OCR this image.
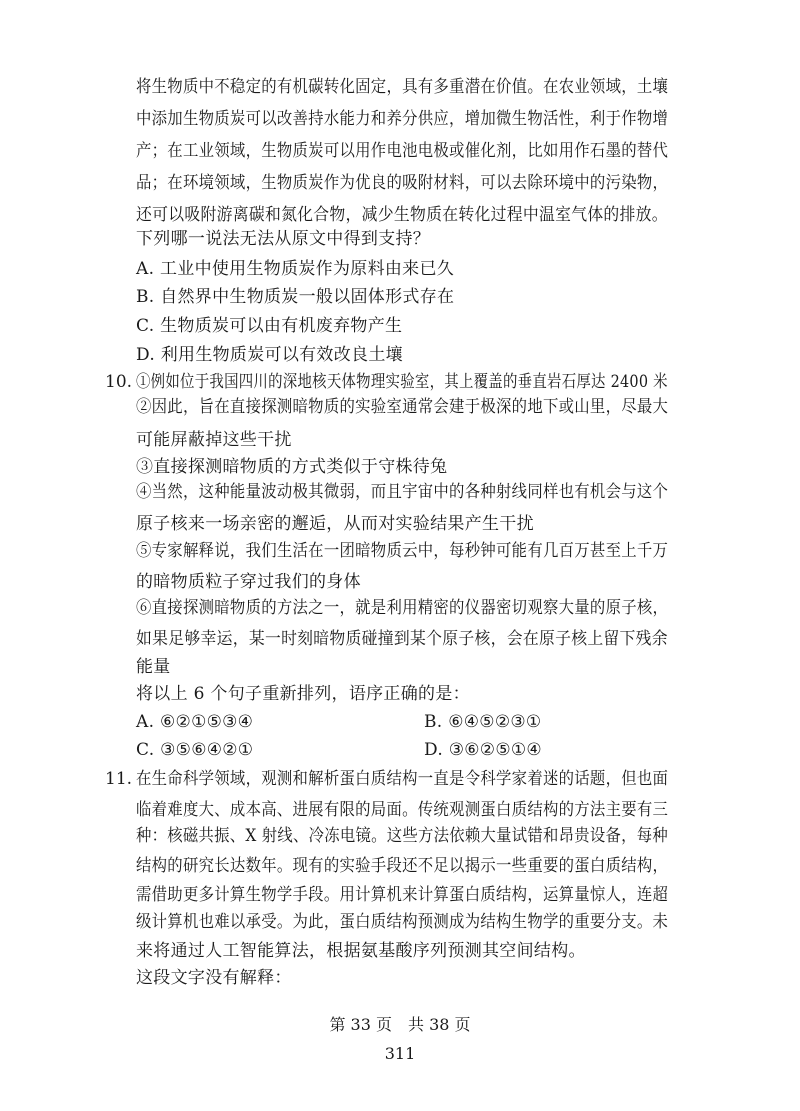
将生物质中不稳定的有机碳转化固定，具有多重潜在价值。在农业领域，土壤
中添加生物质炭可以改善持水能力和养分供应，增加微生物活性，利于作物增
产；在工业领域，生物质炭可以用作电池电极或催化剂，比如用作石墨的替代
品；在环境领域，生物质炭作为优良的吸附材料，可以去除环境中的污染物，
还可以吸附游离碳和氮化合物，减少生物质在转化过程中温室气体的排放。
下列哪一说法无法从原文中得到支持？
A. 工业中使用生物质炭作为原料由来已久
B. 自然界中生物质炭一般以固体形式存在
C. 生物质炭可以由有机废弃物产生
D. 利用生物质炭可以有效改良土壤
10. ①例如位于我国四川的深地核天体物理实验室，其上覆盖的垂直岩石厚达 2400 米
②因此，旨在直接探测暗物质的实验室通常会建于极深的地下或山里，尽最大
可能屏蔽掉这些干扰
③直接探测暗物质的方式类似于守株待兔
④当然，这种能量波动极其微弱，而且宇宙中的各种射线同样也有机会与这个
原子核来一场亲密的邂逅，从而对实验结果产生干扰
⑤专家解释说，我们生活在一团暗物质云中，每秒钟可能有几百万甚至上千万
的暗物质粒子穿过我们的身体
⑥直接探测暗物质的方法之一，就是利用精密的仪器密切观察大量的原子核，
如果足够幸运，某一时刻暗物质碰撞到某个原子核，会在原子核上留下残余
能量
将以上 6 个句子重新排列，语序正确的是：
A. ⑥②①⑤③④	B. ⑥④⑤②③①
C. ③⑤⑥④②①	D. ③⑥②⑤①④
11. 在生命科学领域，观测和解析蛋白质结构一直是令科学家着迷的话题，但也面
临着难度大、成本高、进展有限的局面。传统观测蛋白质结构的方法主要有三
种：核磁共振、X 射线、冷冻电镜。这些方法依赖大量试错和昂贵设备，每种
结构的研究长达数年。现有的实验手段还不足以揭示一些重要的蛋白质结构，
需借助更多计算生物学手段。用计算机来计算蛋白质结构，运算量惊人，连超
级计算机也难以承受。为此，蛋白质结构预测成为结构生物学的重要分支。未
来将通过人工智能算法，根据氨基酸序列预测其空间结构。
这段文字没有解释：
第 33 页　共 38 页
311
